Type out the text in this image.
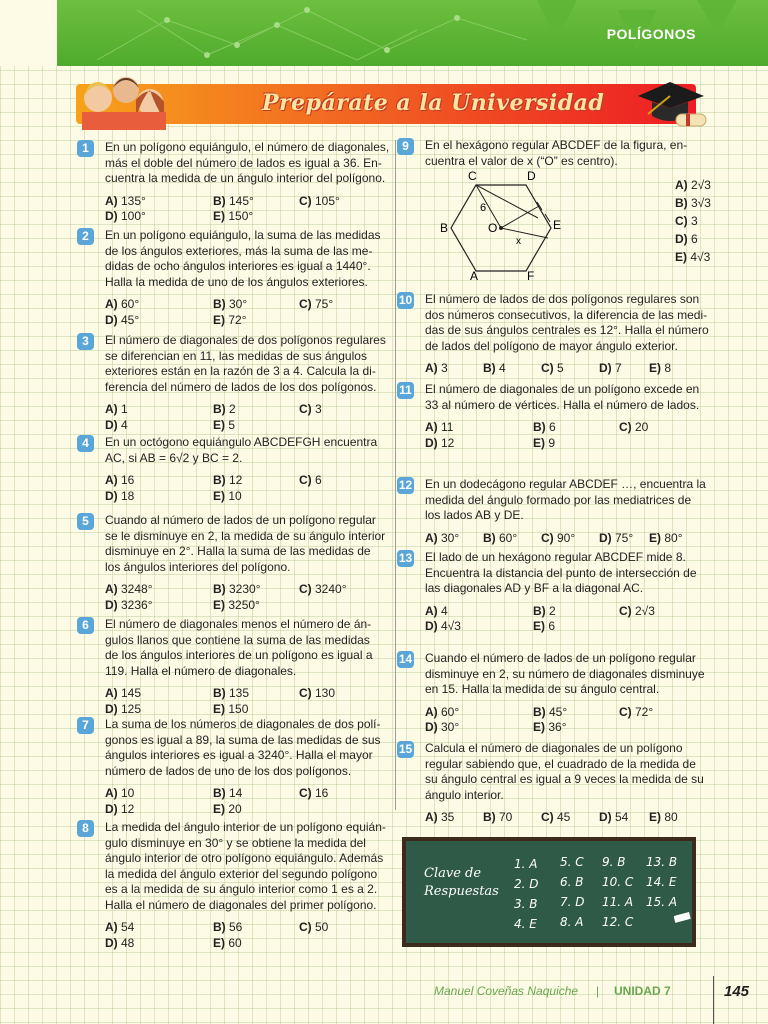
POLÍGONOS
Prepárate a la Universidad
1	En un polígono equiángulo, el número de diagonales,
más el doble del número de lados es igual a 36. En-
cuentra la medida de un ángulo interior del polígono.
A) 135°	B) 145°	C) 105°
D) 100°	E) 150°
2	En un polígono equiángulo, la suma de las medidas
de los ángulos exteriores, más la suma de las me-
didas de ocho ángulos interiores es igual a 1440°.
Halla la medida de uno de los ángulos exteriores.
A) 60°	B) 30°	C) 75°
D) 45°	E) 72°
3	El número de diagonales de dos polígonos regulares
se diferencian en 11, las medidas de sus ángulos
exteriores están en la razón de 3 a 4. Calcula la di-
ferencia del número de lados de los dos polígonos.
A) 1	B) 2	C) 3
D) 4	E) 5
4	En un octógono equiángulo ABCDEFGH encuentra
AC, si AB = 6√2 y BC = 2.
A) 16	B) 12	C) 6
D) 18	E) 10
5	Cuando al número de lados de un polígono regular
se le disminuye en 2, la medida de su ángulo interior
disminuye en 2°. Halla la suma de las medidas de
los ángulos interiores del polígono.
A) 3248°	B) 3230°	C) 3240°
D) 3236°	E) 3250°
6	El número de diagonales menos el número de án-
gulos llanos que contiene la suma de las medidas
de los ángulos interiores de un polígono es igual a
119. Halla el número de diagonales.
A) 145	B) 135	C) 130
D) 125	E) 150
7	La suma de los números de diagonales de dos polí-
gonos es igual a 89, la suma de las medidas de sus
ángulos interiores es igual a 3240°. Halla el mayor
número de lados de uno de los dos polígonos.
A) 10	B) 14	C) 16
D) 12	E) 20
8	La medida del ángulo interior de un polígono equián-
gulo disminuye en 30° y se obtiene la medida del
ángulo interior de otro polígono equiángulo. Además
la medida del ángulo exterior del segundo polígono
es a la medida de su ángulo interior como 1 es a 2.
Halla el número de diagonales del primer polígono.
A) 54	B) 56	C) 50
D) 48	E) 60
9	En el hexágono regular ABCDEF de la figura, en-
cuentra el valor de x (“O” es centro).
A) 2√3
B) 3√3
C) 3
D) 6
E) 4√3
10 El número de lados de dos polígonos regulares son
dos números consecutivos, la diferencia de las medi-
das de sus ángulos centrales es 12°. Halla el número
de lados del polígono de mayor ángulo exterior.
A) 3	B) 4	C) 5	D) 7 E) 8
11 El número de diagonales de un polígono excede en
33 al número de vértices. Halla el número de lados.
A) 11	B) 6	C) 20
D) 12	E) 9
12 En un dodecágono regular ABCDEF …, encuentra la
medida del ángulo formado por las mediatrices de
los lados AB y DE.
A) 30° B) 60° C) 90° D) 75° E) 80°
13 El lado de un hexágono regular ABCDEF mide 8.
Encuentra la distancia del punto de intersección de
las diagonales AD y BF a la diagonal AC.
A) 4	B) 2	C) 2√3
D) 4√3	E) 6
14 Cuando el número de lados de un polígono regular
disminuye en 2, su número de diagonales disminuye
en 15. Halla la medida de su ángulo central.
A) 60°	B) 45°	C) 72°
D) 30°	E) 36°
15 Calcula el número de diagonales de un polígono
regular sabiendo que, el cuadrado de la medida de
su ángulo central es igual a 9 veces la medida de su
ángulo interior.
A) 35 B) 70 C) 45 D) 54 E) 80
C	D
B	E
A	F
O
6
x
Clave de
Respuestas
1. A
2. D
3. B
4. E
5. C
6. B
7. D
8. A
9. B
10. C
11. A
12. C
13. B
14. E
15. A
Manuel Coveñas Naquiche | UNIDAD 7	145
